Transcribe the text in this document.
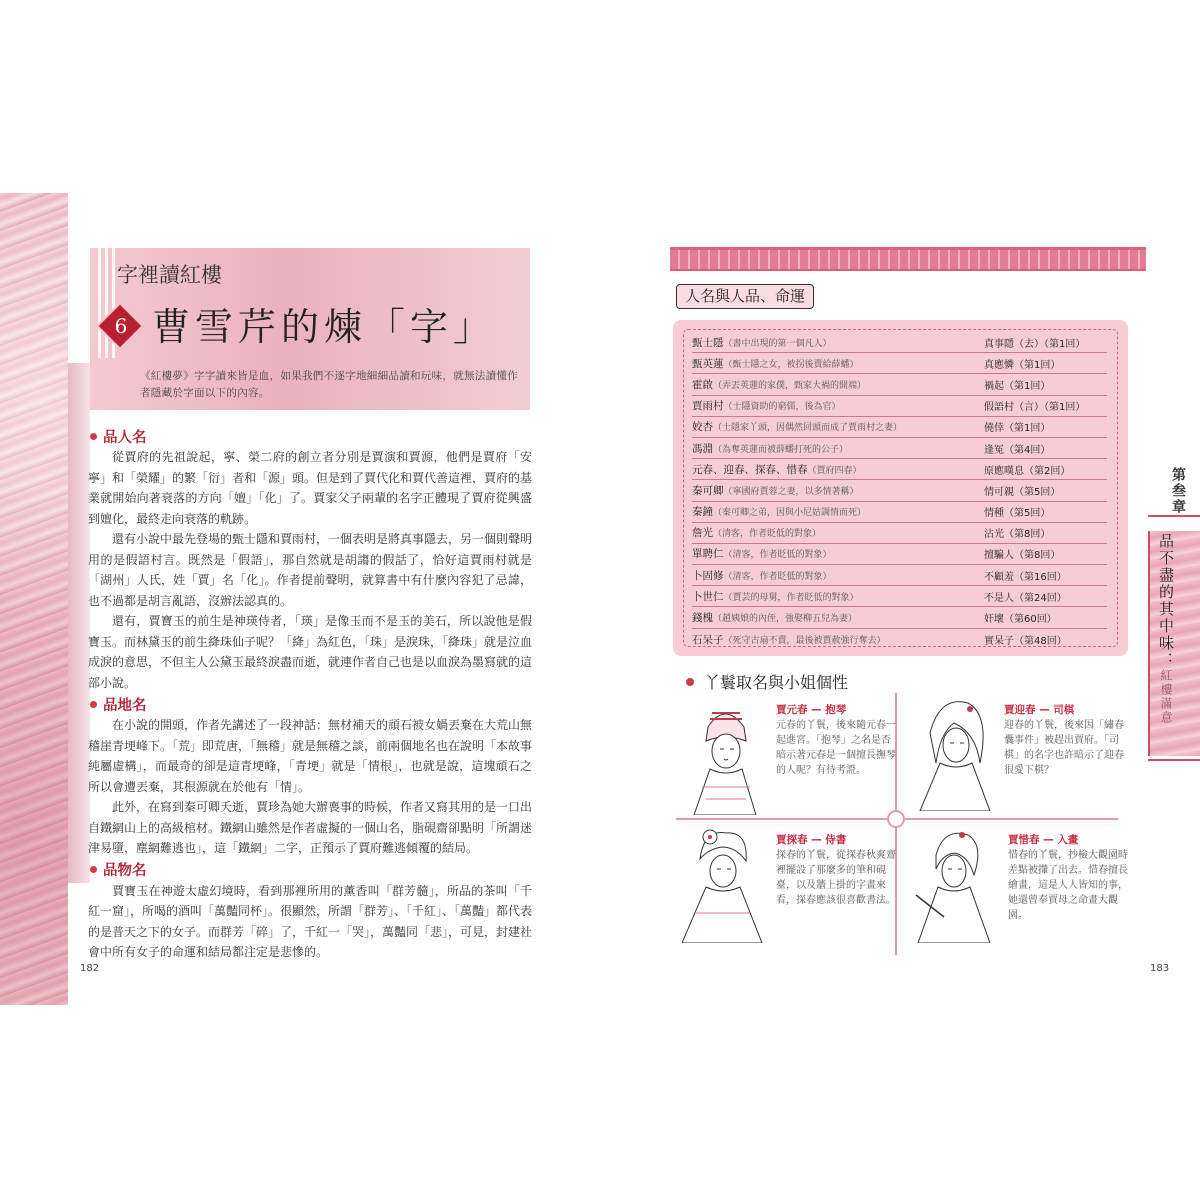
字裡讀紅樓
6 曹雪芹的煉「字」
《紅樓夢》字字讀來皆是血，如果我們不逐字地細細品讀和玩味，就無法讀懂作者隱藏於字面以下的內容。
品人名

從賈府的先祖說起，寧、榮二府的創立者分別是賈演和賈源，他們是賈府「安寧」和「榮耀」的繁「衍」者和「源」頭。但是到了賈代化和賈代善這裡，賈府的基業就開始向著衰落的方向「嬗」「化」了。賈家父子兩輩的名字正體現了賈府從興盛到嬗化，最終走向衰落的軌跡。

還有小說中最先登場的甄士隱和賈雨村，一個表明是將真事隱去，另一個則聲明用的是假語村言。既然是「假語」，那自然就是胡謅的假話了，恰好這賈雨村就是「湖州」人氏，姓「賈」名「化」。作者提前聲明，就算書中有什麼內容犯了忌諱，也不過都是胡言亂語，沒辦法認真的。

還有，賈寶玉的前生是神瑛侍者，「瑛」是像玉而不是玉的美石，所以說他是假寶玉。而林黛玉的前生絳珠仙子呢？「絳」為紅色，「珠」是淚珠，「絳珠」就是泣血成淚的意思，不但主人公黛玉最終淚盡而逝，就連作者自己也是以血淚為墨寫就的這部小說。

品地名

在小說的開頭，作者先講述了一段神話：無材補天的頑石被女媧丟棄在大荒山無稽崖青埂峰下。「荒」即荒唐，「無稽」就是無稽之談，前兩個地名也在說明「本故事純屬虛構」，而最奇的卻是這青埂峰，「青埂」就是「情根」，也就是說，這塊頑石之所以會遭丟棄，其根源就在於他有「情」。

此外，在寫到秦可卿夭逝，賈珍為她大辦喪事的時候，作者又寫其用的是一口出自鐵網山上的高級棺材。鐵網山雖然是作者虛擬的一個山名，脂硯齋卻點明「所謂迷津易墮，塵網難逃也」，這「鐵網」二字，正預示了賈府難逃傾覆的結局。

品物名

賈寶玉在神遊太虛幻境時，看到那裡所用的薰香叫「群芳髓」，所品的茶叫「千紅一窟」，所喝的酒叫「萬豔同杯」。很顯然，所謂「群芳」、「千紅」、「萬豔」都代表的是普天之下的女子。而群芳「碎」了，千紅一「哭」，萬豔同「悲」，可見，封建社會中所有女子的命運和結局都注定是悲慘的。

182
人名與人品、命運
甄士隱（書中出現的第一個凡人）	真事隱（去）（第1回）
甄英蓮（甄士隱之女，被拐後賣給薛蟠）	真應憐（第1回）
霍啟（弄丟英蓮的家僕，甄家大禍的開端）	禍起（第1回）
賈雨村（士隱資助的窮儒，後為官）	假語村（言）（第1回）
姣杏（士隱家丫頭，因偶然回頭而成了賈雨村之妻）	僥倖（第1回）
馮淵（為奪英蓮而被薛蟠打死的公子）	逢冤（第4回）
元春、迎春、探春、惜春（賈府四春）	原應嘆息（第2回）
秦可卿（寧國府賈蓉之妻，以多情著稱）	情可親（第5回）
秦鐘（秦可卿之弟，因與小尼姑調情而死）	情種（第5回）
詹光（清客，作者貶低的對象）	沾光（第8回）
單聘仁（清客，作者貶低的對象）	擅騙人（第8回）
卜固修（清客，作者貶低的對象）	不顧羞（第16回）
卜世仁（賈芸的母舅，作者貶低的對象）	不是人（第24回）
錢槐（趙姨娘的內侄，強娶柳五兒為妻）	奸壞（第60回）
石呆子（死守古扇不賣，最後被賈赦強行奪去）	實呆子（第48回）
丫鬟取名與小姐個性
賈元春 — 抱琴
元春的丫鬟，後來隨元春一起進宮。「抱琴」之名是否暗示著元春是一個擅長撫琴的人呢？有待考證。
賈迎春 — 司棋
迎春的丫鬟，後來因「繡春囊事件」被趕出賈府。「司棋」的名字也許暗示了迎春很愛下棋？
賈探春 — 侍書
探春的丫鬟，從探春秋爽齋裡擺設了那麼多的筆和硯臺，以及牆上掛的字畫來看，探春應該很喜歡書法。
賈惜春 — 入畫
惜春的丫鬟，抄檢大觀園時差點被攆了出去。惜春擅長繪畫，這是人人皆知的事，她還曾奉賈母之命畫大觀園。
183
第叁章
品不盡的其中味：紅樓滿意
